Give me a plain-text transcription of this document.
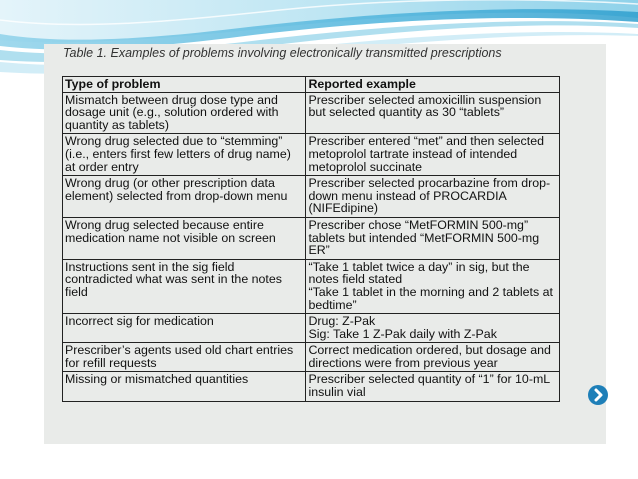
Table 1. Examples of problems involving electronically transmitted prescriptions

Type of problem	Reported example
Mismatch between drug dose type and dosage unit (e.g., solution ordered with quantity as tablets)	Prescriber selected amoxicillin suspension but selected quantity as 30 “tablets”
Wrong drug selected due to “stemming” (i.e., enters first few letters of drug name) at order entry	Prescriber entered “met” and then selected metoprolol tartrate instead of intended metoprolol succinate
Wrong drug (or other prescription data element) selected from drop-down menu	Prescriber selected procarbazine from drop-down menu instead of PROCARDIA (NIFEdipine)
Wrong drug selected because entire medication name not visible on screen	Prescriber chose “MetFORMIN 500-mg” tablets but intended “MetFORMIN 500-mg ER”
Instructions sent in the sig field contradicted what was sent in the notes field	“Take 1 tablet twice a day” in sig, but the notes field stated
“Take 1 tablet in the morning and 2 tablets at bedtime”

Incorrect sig for medication	Drug: Z-Pak
Sig: Take 1 Z-Pak daily with Z-Pak

Prescriber’s agents used old chart entries for refill requests	Correct medication ordered, but dosage and directions were from previous year
Missing or mismatched quantities	Prescriber selected quantity of “1” for 10-mL insulin vial
